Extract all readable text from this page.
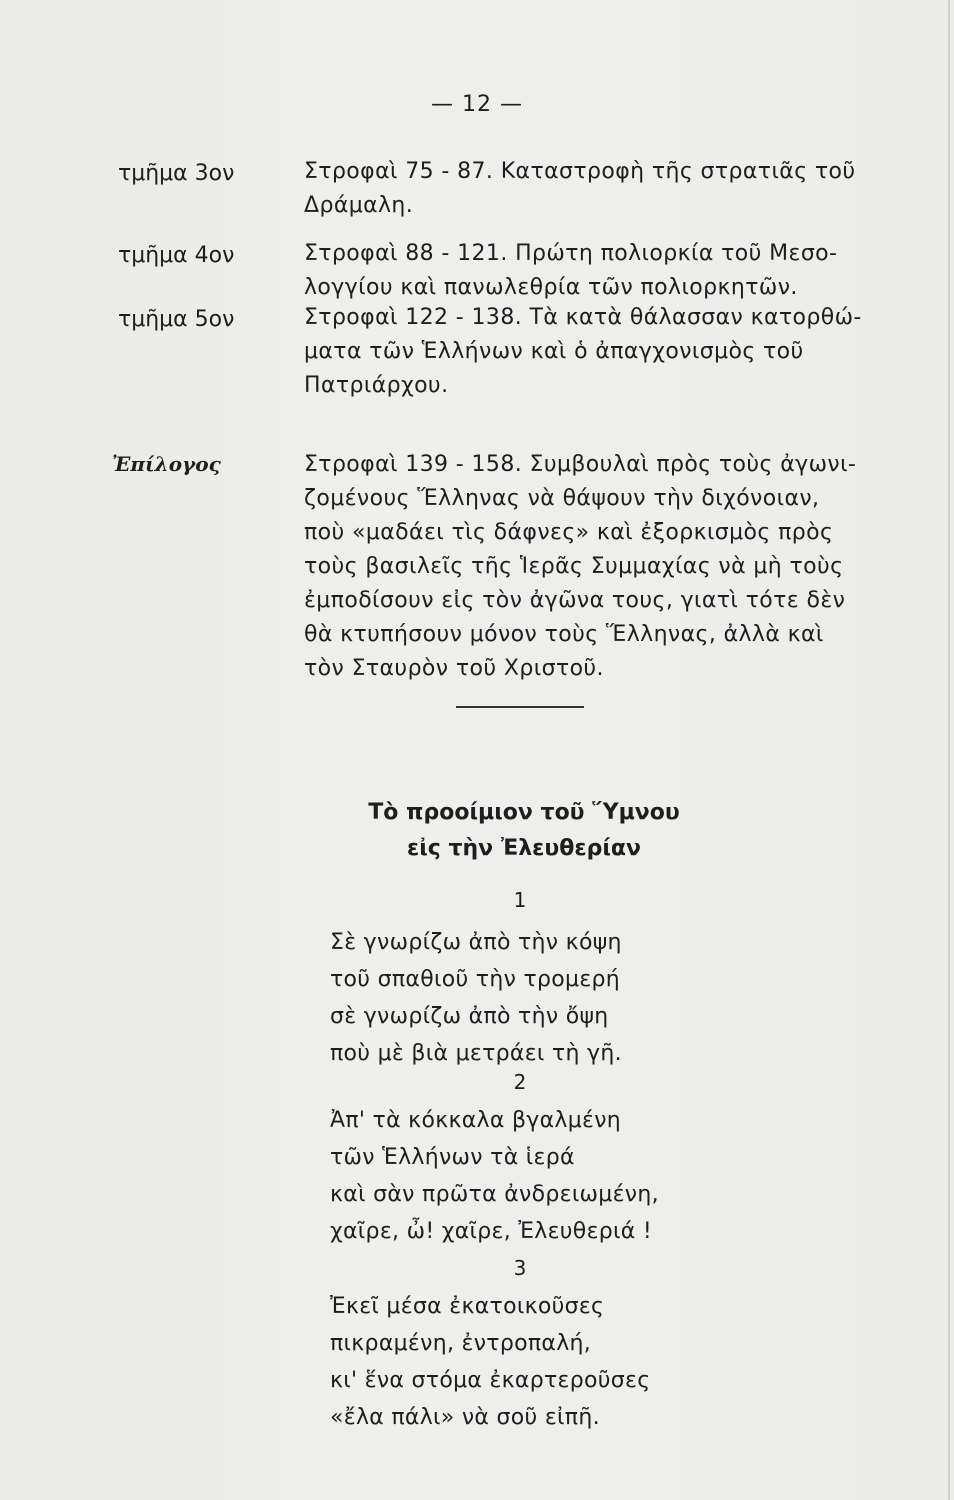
— 12 —
τμῆμα 3ον	Στροφαὶ 75 - 87. Καταστροφὴ τῆς στρατιᾶς τοῦ
Δράμαλη.
τμῆμα 4ον	Στροφαὶ 88 - 121. Πρώτη πολιορκία τοῦ Μεσο-
λογγίου καὶ πανωλεθρία τῶν πολιορκητῶν.
τμῆμα 5ον	Στροφαὶ 122 - 138. Τὰ κατὰ θάλασσαν κατορθώ-
ματα τῶν Ἑλλήνων καὶ ὁ ἀπαγχονισμὸς τοῦ
Πατριάρχου.
Ἐπίλογος	Στροφαὶ 139 - 158. Συμβουλαὶ πρὸς τοὺς ἀγωνι-
ζομένους Ἕλληνας νὰ θάψουν τὴν διχόνοιαν,
ποὺ «μαδάει τὶς δάφνες» καὶ ἐξορκισμὸς πρὸς
τοὺς βασιλεῖς τῆς Ἱερᾶς Συμμαχίας νὰ μὴ τοὺς
ἐμποδίσουν εἰς τὸν ἀγῶνα τους, γιατὶ τότε δὲν
θὰ κτυπήσουν μόνον τοὺς Ἕλληνας, ἀλλὰ καὶ
τὸν Σταυρὸν τοῦ Χριστοῦ.
Τὸ προοίμιον τοῦ Ὕμνου
εἰς τὴν Ἐλευθερίαν
1
Σὲ γνωρίζω ἀπὸ τὴν κόψη
τοῦ σπαθιοῦ τὴν τρομερή
σὲ γνωρίζω ἀπὸ τὴν ὄψη
ποὺ μὲ βιὰ μετράει τὴ γῆ.
2
Ἀπ' τὰ κόκκαλα βγαλμένη
τῶν Ἑλλήνων τὰ ἱερά
καὶ σὰν πρῶτα ἀνδρειωμένη,
χαῖρε, ὦ! χαῖρε, Ἐλευθεριά !
3
Ἐκεῖ μέσα ἐκατοικοῦσες
πικραμένη, ἐντροπαλή,
κι' ἕνα στόμα ἐκαρτεροῦσες
«ἔλα πάλι» νὰ σοῦ εἰπῆ.
